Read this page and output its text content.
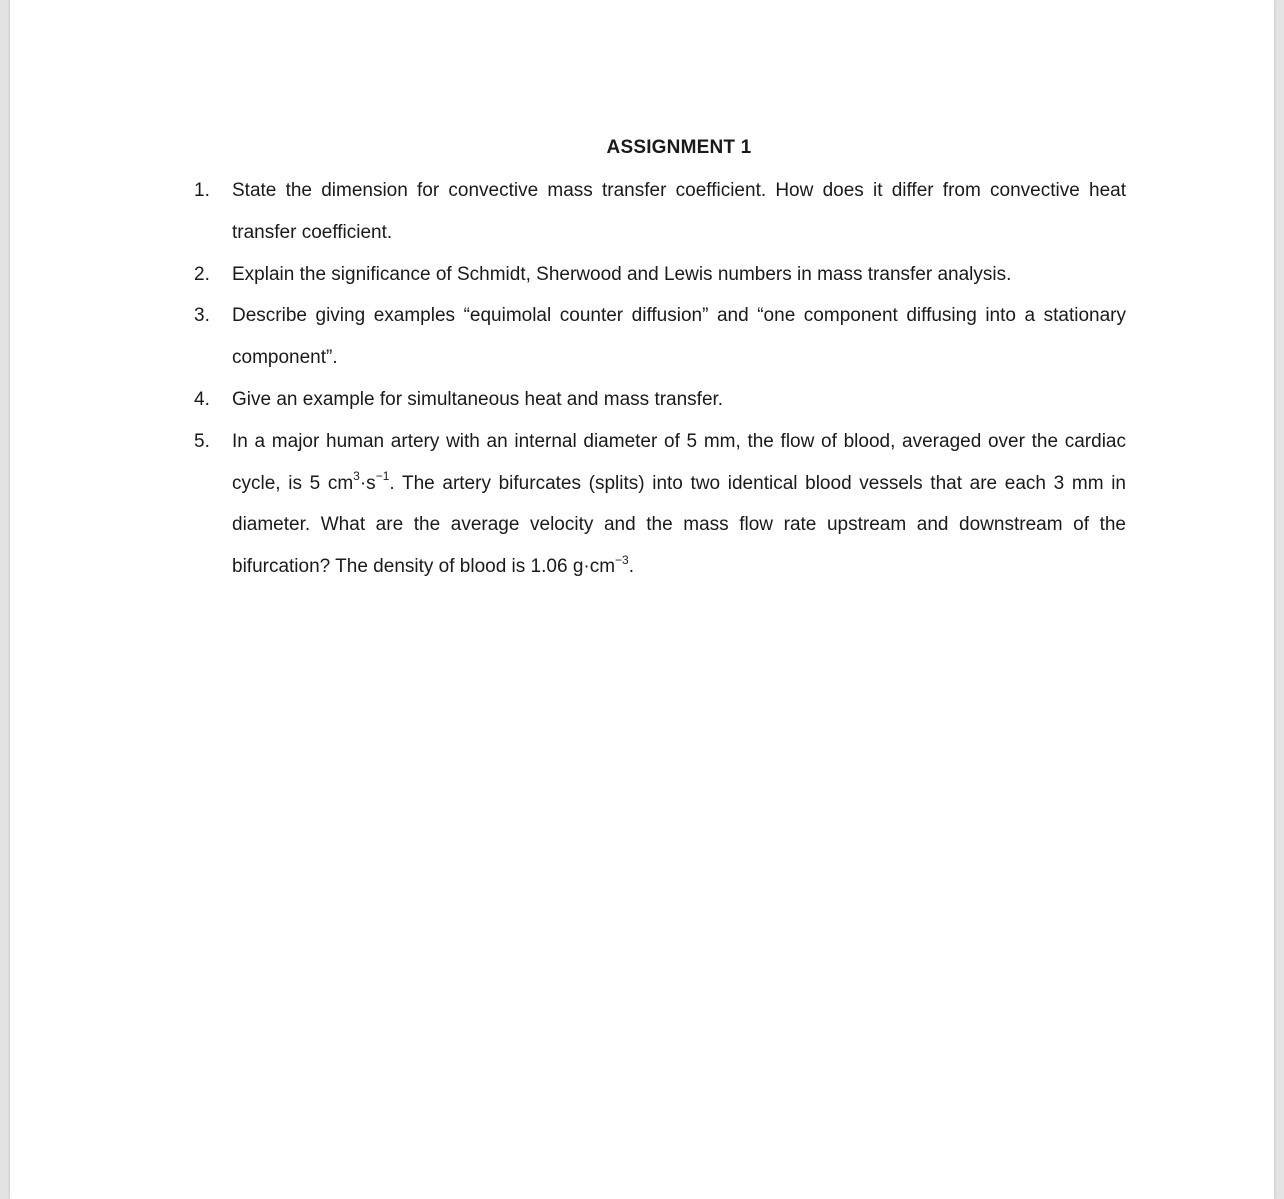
ASSIGNMENT 1
1. State the dimension for convective mass transfer coefficient. How does it differ from convective heat transfer coefficient.
2. Explain the significance of Schmidt, Sherwood and Lewis numbers in mass transfer analysis.
3. Describe giving examples “equimolal counter diffusion” and “one component diffusing into a stationary component”.
4. Give an example for simultaneous heat and mass transfer.
5. In a major human artery with an internal diameter of 5 mm, the flow of blood, averaged over the cardiac cycle, is 5 $cm^3\cdot s^{-1}$. The artery bifurcates (splits) into two identical blood vessels that are each 3 mm in diameter. What are the average velocity and the mass flow rate upstream and downstream of the bifurcation? The density of blood is 1.06 $g\cdot cm^{-3}$.
